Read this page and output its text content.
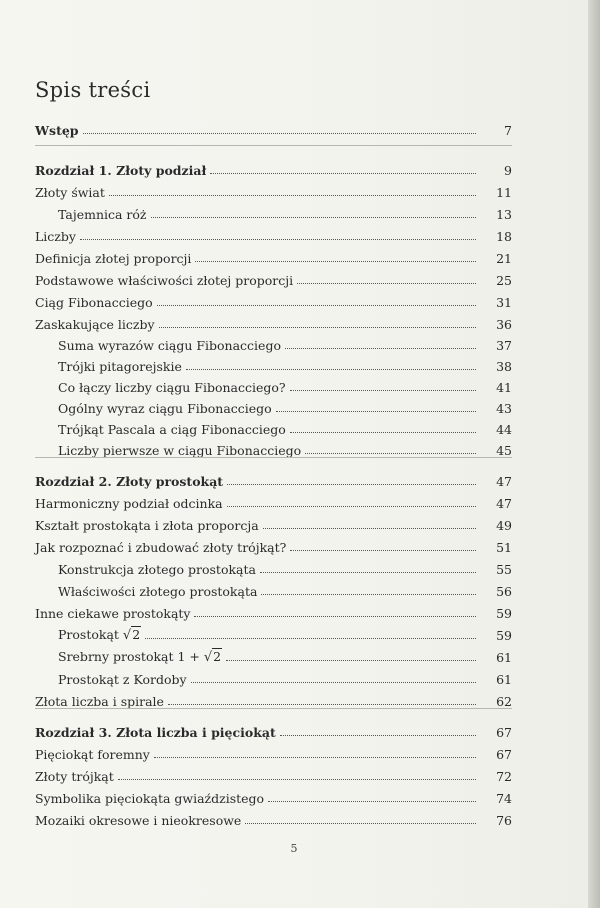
Spis treści
Wstęp	7
Rozdział 1. Złoty podział	9
Złoty świat	11
Tajemnica róż	13
Liczby	18
Definicja złotej proporcji	21
Podstawowe właściwości złotej proporcji	25
Ciąg Fibonacciego	31
Zaskakujące liczby	36
Suma wyrazów ciągu Fibonacciego	37
Trójki pitagorejskie	38
Co łączy liczby ciągu Fibonacciego?	41
Ogólny wyraz ciągu Fibonacciego	43
Trójkąt Pascala a ciąg Fibonacciego	44
Liczby pierwsze w ciągu Fibonacciego	45
Rozdział 2. Złoty prostokąt	47
Harmoniczny podział odcinka	47
Kształt prostokąta i złota proporcja	49
Jak rozpoznać i zbudować złoty trójkąt?	51
Konstrukcja złotego prostokąta	55
Właściwości złotego prostokąta	56
Inne ciekawe prostokąty	59
Prostokąt √2	59
Srebrny prostokąt 1 + √2	61
Prostokąt z Kordoby	61
Złota liczba i spirale	62
Rozdział 3. Złota liczba i pięciokąt	67
Pięciokąt foremny	67
Złoty trójkąt	72
Symbolika pięciokąta gwiaździstego	74
Mozaiki okresowe i nieokresowe	76
5
